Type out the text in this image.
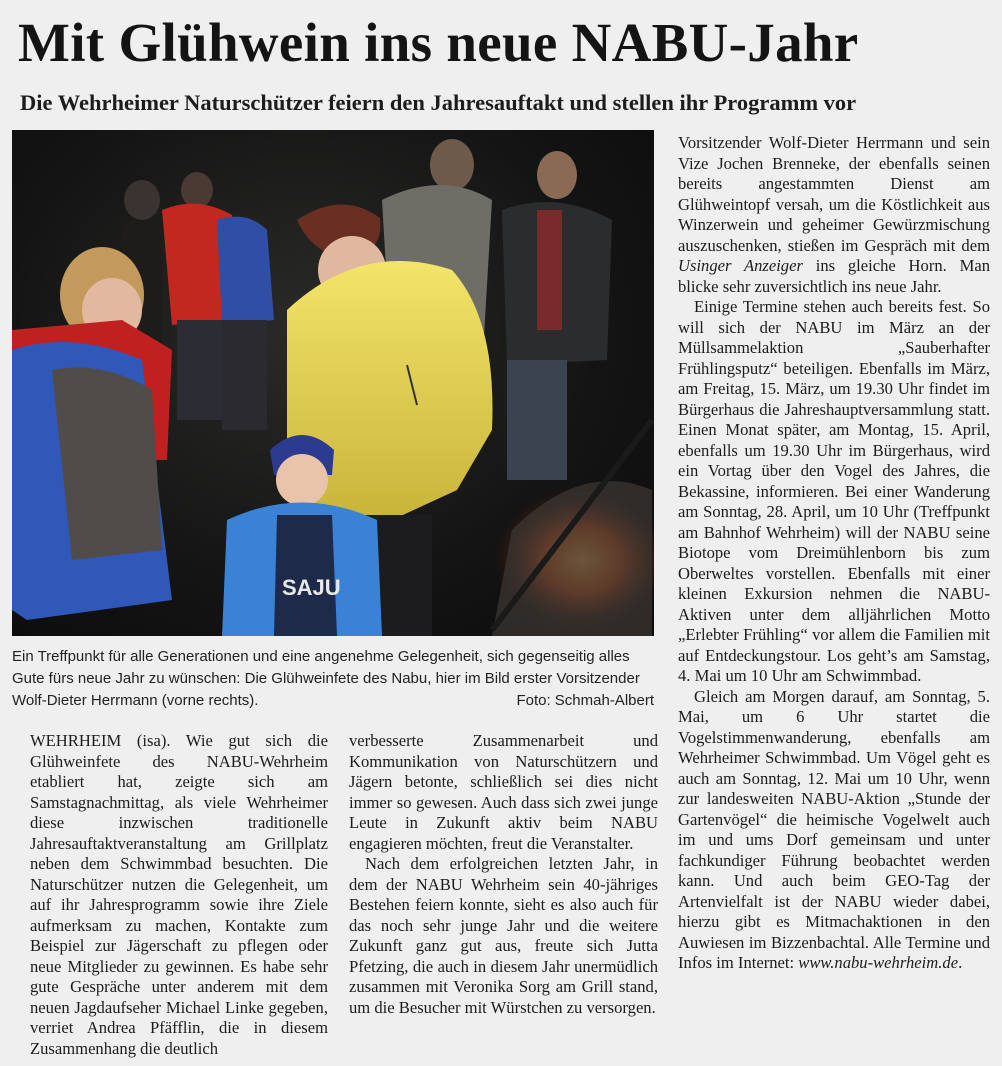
Mit Glühwein ins neue NABU-Jahr
Die Wehrheimer Naturschützer feiern den Jahresauftakt und stellen ihr Programm vor
SAJU

Ein Treffpunkt für alle Generationen und eine angenehme Gelegenheit, sich gegenseitig alles Gute fürs neue Jahr zu wünschen: Die Glühweinfete des Nabu, hier im Bild erster Vorsitzender Wolf-Dieter Herrmann (vorne rechts).	Foto: Schmah-Albert

WEHRHEIM (isa). Wie gut sich die Glühweinfete des NABU-Wehrheim etabliert hat, zeigte sich am Samstagnachmittag, als viele Wehrheimer diese inzwischen traditionelle Jahresauftaktveranstaltung am Grillplatz neben dem Schwimmbad besuchten. Die Naturschützer nutzen die Gelegenheit, um auf ihr Jahresprogramm sowie ihre Ziele aufmerksam zu machen, Kontakte zum Beispiel zur Jägerschaft zu pflegen oder neue Mitglieder zu gewinnen. Es habe sehr gute Gespräche unter anderem mit dem neuen Jagdaufseher Michael Linke gegeben, verriet Andrea Pfäfflin, die in diesem Zusammenhang die deutlich

verbesserte Zusammenarbeit und Kommunikation von Naturschützern und Jägern betonte, schließlich sei dies nicht immer so gewesen. Auch dass sich zwei junge Leute in Zukunft aktiv beim NABU engagieren möchten, freut die Veranstalter.

Nach dem erfolgreichen letzten Jahr, in dem der NABU Wehrheim sein 40-jähriges Bestehen feiern konnte, sieht es also auch für das noch sehr junge Jahr und die weitere Zukunft ganz gut aus, freute sich Jutta Pfetzing, die auch in diesem Jahr unermüdlich zusammen mit Veronika Sorg am Grill stand, um die Besucher mit Würstchen zu versorgen.

Vorsitzender Wolf-Dieter Herrmann und sein Vize Jochen Brenneke, der ebenfalls seinen bereits angestammten Dienst am Glühweintopf versah, um die Köstlichkeit aus Winzerwein und geheimer Gewürzmischung auszuschenken, stießen im Gespräch mit dem Usinger Anzeiger ins gleiche Horn. Man blicke sehr zuversichtlich ins neue Jahr.

Einige Termine stehen auch bereits fest. So will sich der NABU im März an der Müllsammelaktion „Sauberhafter Frühlingsputz“ beteiligen. Ebenfalls im März, am Freitag, 15. März, um 19.30 Uhr findet im Bürgerhaus die Jahreshauptversammlung statt. Einen Monat später, am Montag, 15. April, ebenfalls um 19.30 Uhr im Bürgerhaus, wird ein Vortag über den Vogel des Jahres, die Bekassine, informieren. Bei einer Wanderung am Sonntag, 28. April, um 10 Uhr (Treffpunkt am Bahnhof Wehrheim) will der NABU seine Biotope vom Dreimühlenborn bis zum Oberweltes vorstellen. Ebenfalls mit einer kleinen Exkursion nehmen die NABU-Aktiven unter dem alljährlichen Motto „Erlebter Frühling“ vor allem die Familien mit auf Entdeckungstour. Los geht’s am Samstag, 4. Mai um 10 Uhr am Schwimmbad.

Gleich am Morgen darauf, am Sonntag, 5. Mai, um 6 Uhr startet die Vogelstimmenwanderung, ebenfalls am Wehrheimer Schwimmbad. Um Vögel geht es auch am Sonntag, 12. Mai um 10 Uhr, wenn zur landesweiten NABU-Aktion „Stunde der Gartenvögel“ die heimische Vogelwelt auch im und ums Dorf gemeinsam und unter fachkundiger Führung beobachtet werden kann. Und auch beim GEO-Tag der Artenvielfalt ist der NABU wieder dabei, hierzu gibt es Mitmachaktionen in den Auwiesen im Bizzenbachtal. Alle Termine und Infos im Internet: www.nabu-wehrheim.de.
